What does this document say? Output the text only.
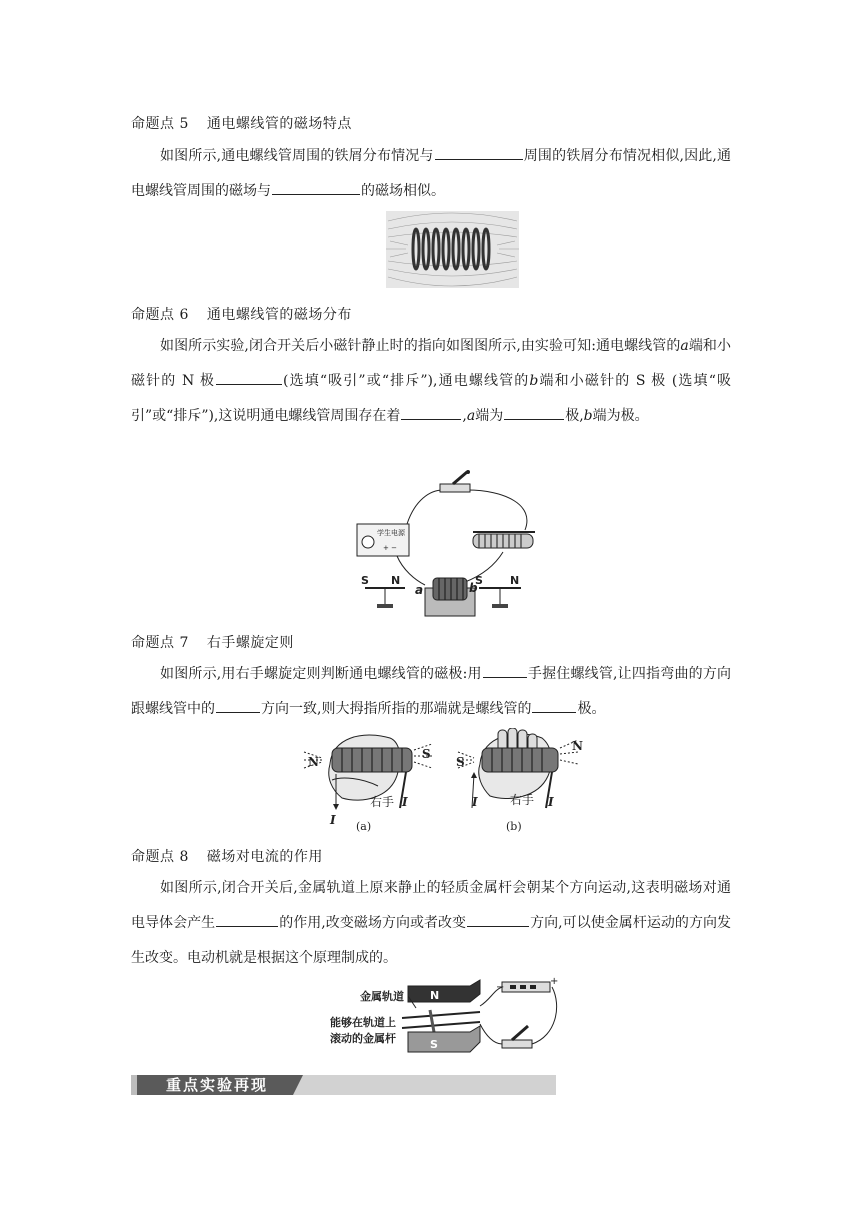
命题点 5 通电螺线管的磁场特点
如图所示,通电螺线管周围的铁屑分布情况与	周围的铁屑分布情况相似,因此,通电螺线管周围的磁场与	的磁场相似。
命题点 6 通电螺线管的磁场分布
如图所示实验,闭合开关后小磁针静止时的指向如图图所示,由实验可知:通电螺线管的a端和小磁针的 N 极	(选填“吸引”或“排斥”),通电螺线管的b端和小磁针的 S 极 (选填“吸引”或“排斥”),这说明通电螺线管周围存在着	,a端为	极,b端为极。
学生电源
+ −
S N	S N
a	b
命题点 7 右手螺旋定则
如图所示,用右手螺旋定则判断通电螺线管的磁极:用	手握住螺线管,让四指弯曲的方向跟螺线管中的	方向一致,则大拇指所指的那端就是螺线管的	极。
N
S
右手
I
I
(a)
S
N
右手
I	I
(b)
命题点 8 磁场对电流的作用
如图所示,闭合开关后,金属轨道上原来静止的轻质金属杆会朝某个方向运动,这表明磁场对通电导体会产生	的作用,改变磁场方向或者改变	方向,可以使金属杆运动的方向发生改变。电动机就是根据这个原理制成的。
N
S
−
+
金属轨道
能够在轨道上
滚动的金属杆
重点实验再现
